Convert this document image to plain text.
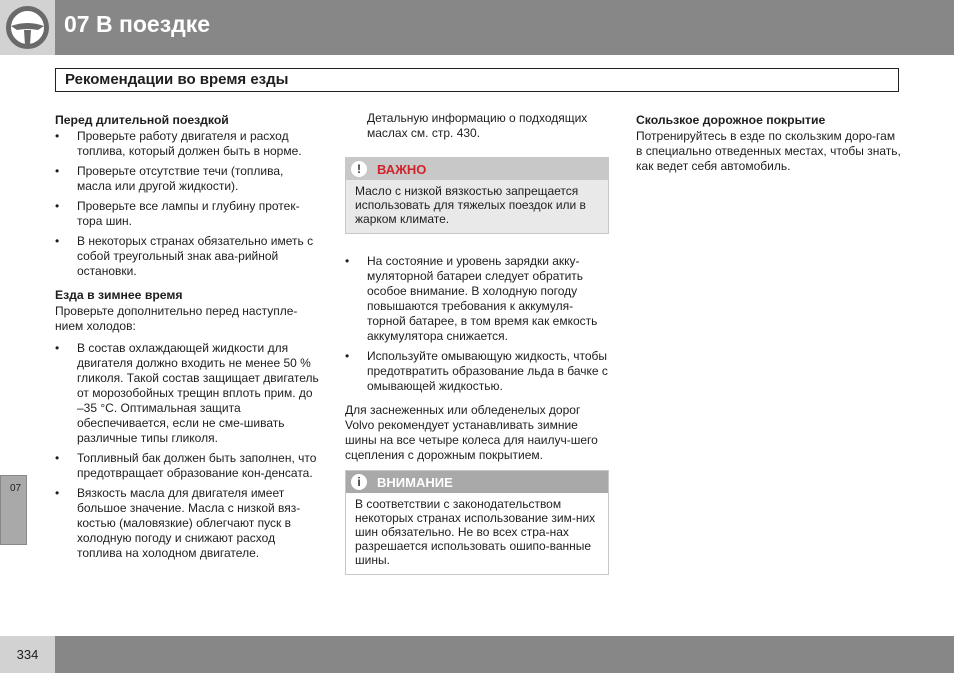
07 В поездке
Рекомендации во время езды
Перед длительной поездкой
• Проверьте работу двигателя и расход топлива, который должен быть в норме.
• Проверьте отсутствие течи (топлива, масла или другой жидкости).
• Проверьте все лампы и глубину протек-тора шин.
• В некоторых странах обязательно иметь с собой треугольный знак ава-рийной остановки.
Езда в зимнее время

Проверьте дополнительно перед наступле-нием холодов:

• В состав охлаждающей жидкости для двигателя должно входить не менее 50 % гликоля. Такой состав защищает двигатель от морозобойных трещин вплоть прим. до –35 °C. Оптимальная защита обеспечивается, если не сме-шивать различные типы гликоля.
• Топливный бак должен быть заполнен, что предотвращает образование кон-денсата.
• Вязкость масла для двигателя имеет большое значение. Масла с низкой вяз-костью (маловязкие) облегчают пуск в холодную погоду и снижают расход топлива на холодном двигателе.

Детальную информацию о подходящих маслах см. стр. 430.

!	ВАЖНО
Масло с низкой вязкостью запрещается использовать для тяжелых поездок или в жарком климате.
• На состояние и уровень зарядки акку-муляторной батареи следует обратить особое внимание. В холодную погоду повышаются требования к аккумуля-торной батарее, в том время как емкость аккумулятора снижается.
• Используйте омывающую жидкость, чтобы предотвратить образование льда в бачке с омывающей жидкостью.

Для заснеженных или обледенелых дорог Volvo рекомендует устанавливать зимние шины на все четыре колеса для наилуч-шего сцепления с дорожным покрытием.

i	ВНИМАНИЕ
В соответствии с законодательством некоторых странах использование зим-них шин обязательно. Не во всех стра-нах разрешается использовать ошипо-ванные шины.
Скользкое дорожное покрытие

Потренируйтесь в езде по скользким доро-гам в специально отведенных местах, чтобы знать, как ведет себя автомобиль.

07
334
